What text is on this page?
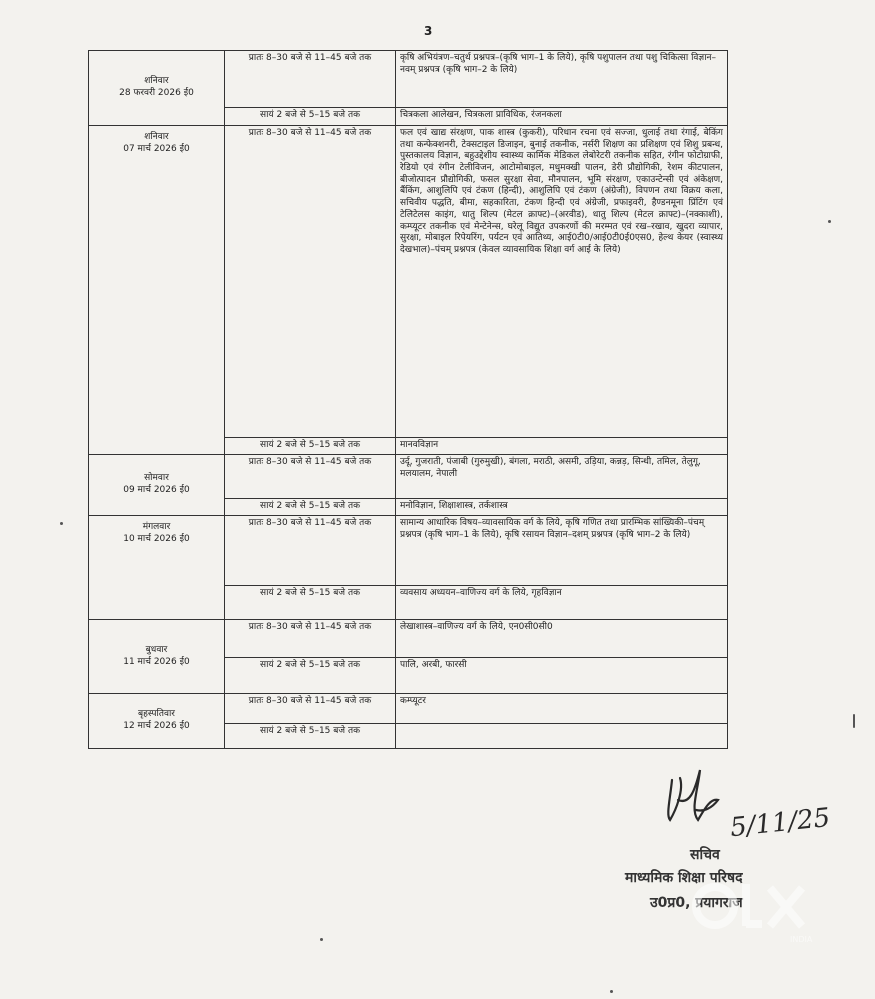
3
शनिवार
28 फरवरी 2026 ई0	प्रातः 8–30 बजे से 11–45 बजे तक	कृषि अभियंत्रण–चतुर्थ प्रश्नपत्र–(कृषि भाग–1 के लिये), कृषि पशुपालन तथा पशु चिकित्सा विज्ञान–नवम् प्रश्नपत्र (कृषि भाग–2 के लिये)
	सायं 2 बजे से 5–15 बजे तक	चित्रकला आलेखन, चित्रकला प्राविधिक, रंजनकला

शनिवार
07 मार्च 2026 ई0	प्रातः 8–30 बजे से 11–45 बजे तक	फल एवं खाद्य संरक्षण, पाक शास्त्र (कुकरी), परिधान रचना एवं सज्जा, धुलाई तथा रंगाई, बेकिंग तथा कन्फेक्शनरी, टेक्सटाइल डिजाइन, बुनाई तकनीक, नर्सरी शिक्षण का प्रशिक्षण एवं शिशु प्रबन्ध, पुस्तकालय विज्ञान, बहुउद्देशीय स्वास्थ्य कार्मिक मेडिकल लेबोरेटरी तकनीक सहित, रंगीन फोटोग्राफी, रेडियो एवं रंगीन टेलीविजन, आटोमोबाइल, मधुमक्खी पालन, डेरी प्रौद्योगिकी, रेशम कीटपालन, बीजोत्पादन प्रौद्योगिकी, फसल सुरक्षा सेवा, मौनपालन, भूमि संरक्षण, एकाउन्टेन्सी एवं अंकेक्षण, बैंकिंग, आशुलिपि एवं टंकण (हिन्दी), आशुलिपि एवं टंकण (अंग्रेजी), विपणन तथा विक्रय कला, सचिवीय पद्धति, बीमा, सहकारिता, टंकण हिन्दी एवं अंग्रेजी, प्रफाइवरी, हैण्डनमूना प्रिंटिंग एवं टेलिटेलस काइंग, धातु शिल्प (मेटल क्राफ्ट)–(अरवीड), धातु शिल्प (मेटल क्राफ्ट)–(नक्काशी), कम्प्यूटर तकनीक एवं मेन्टेनेन्स, घरेलू विद्युत उपकरणों की मरम्मत एवं रख–रखाव, खुदरा व्यापार, सुरक्षा, मोबाइल रिपेयरिंग, पर्यटन एवं आतिथ्य, आई0टी0/आई0टी0ई0एस0, हेल्थ केयर (स्वास्थ्य देखभाल)–पंचम् प्रश्नपत्र (केवल व्यावसायिक शिक्षा वर्ग आई के लिये)
	सायं 2 बजे से 5–15 बजे तक	मानवविज्ञान

सोमवार
09 मार्च 2026 ई0	प्रातः 8–30 बजे से 11–45 बजे तक	उर्दू, गुजराती, पंजाबी (गुरुमुखी), बंगला, मराठी, असमी, उड़िया, कन्नड़, सिन्धी, तमिल, तेलुगू, मलयालम, नेपाली
	सायं 2 बजे से 5–15 बजे तक	मनोविज्ञान, शिक्षाशास्त्र, तर्कशास्त्र

मंगलवार
10 मार्च 2026 ई0	प्रातः 8–30 बजे से 11–45 बजे तक	सामान्य आधारिक विषय–व्यावसायिक वर्ग के लिये, कृषि गणित तथा प्रारम्भिक सांख्यिकी–पंचम् प्रश्नपत्र (कृषि भाग–1 के लिये), कृषि रसायन विज्ञान–दशम् प्रश्नपत्र (कृषि भाग–2 के लिये)
	सायं 2 बजे से 5–15 बजे तक	व्यवसाय अध्ययन–वाणिज्य वर्ग के लिये, गृहविज्ञान

बुधवार
11 मार्च 2026 ई0	प्रातः 8–30 बजे से 11–45 बजे तक	लेखाशास्त्र–वाणिज्य वर्ग के लिये, एन0सी0सी0
	सायं 2 बजे से 5–15 बजे तक	पालि, अरबी, फारसी

बृहस्पतिवार
12 मार्च 2026 ई0	प्रातः 8–30 बजे से 11–45 बजे तक	कम्प्यूटर
	सायं 2 बजे से 5–15 बजे तक	
5/11/25
सचिव
माध्यमिक शिक्षा परिषद
उ0प्र0, प्रयागराज
INDIA
